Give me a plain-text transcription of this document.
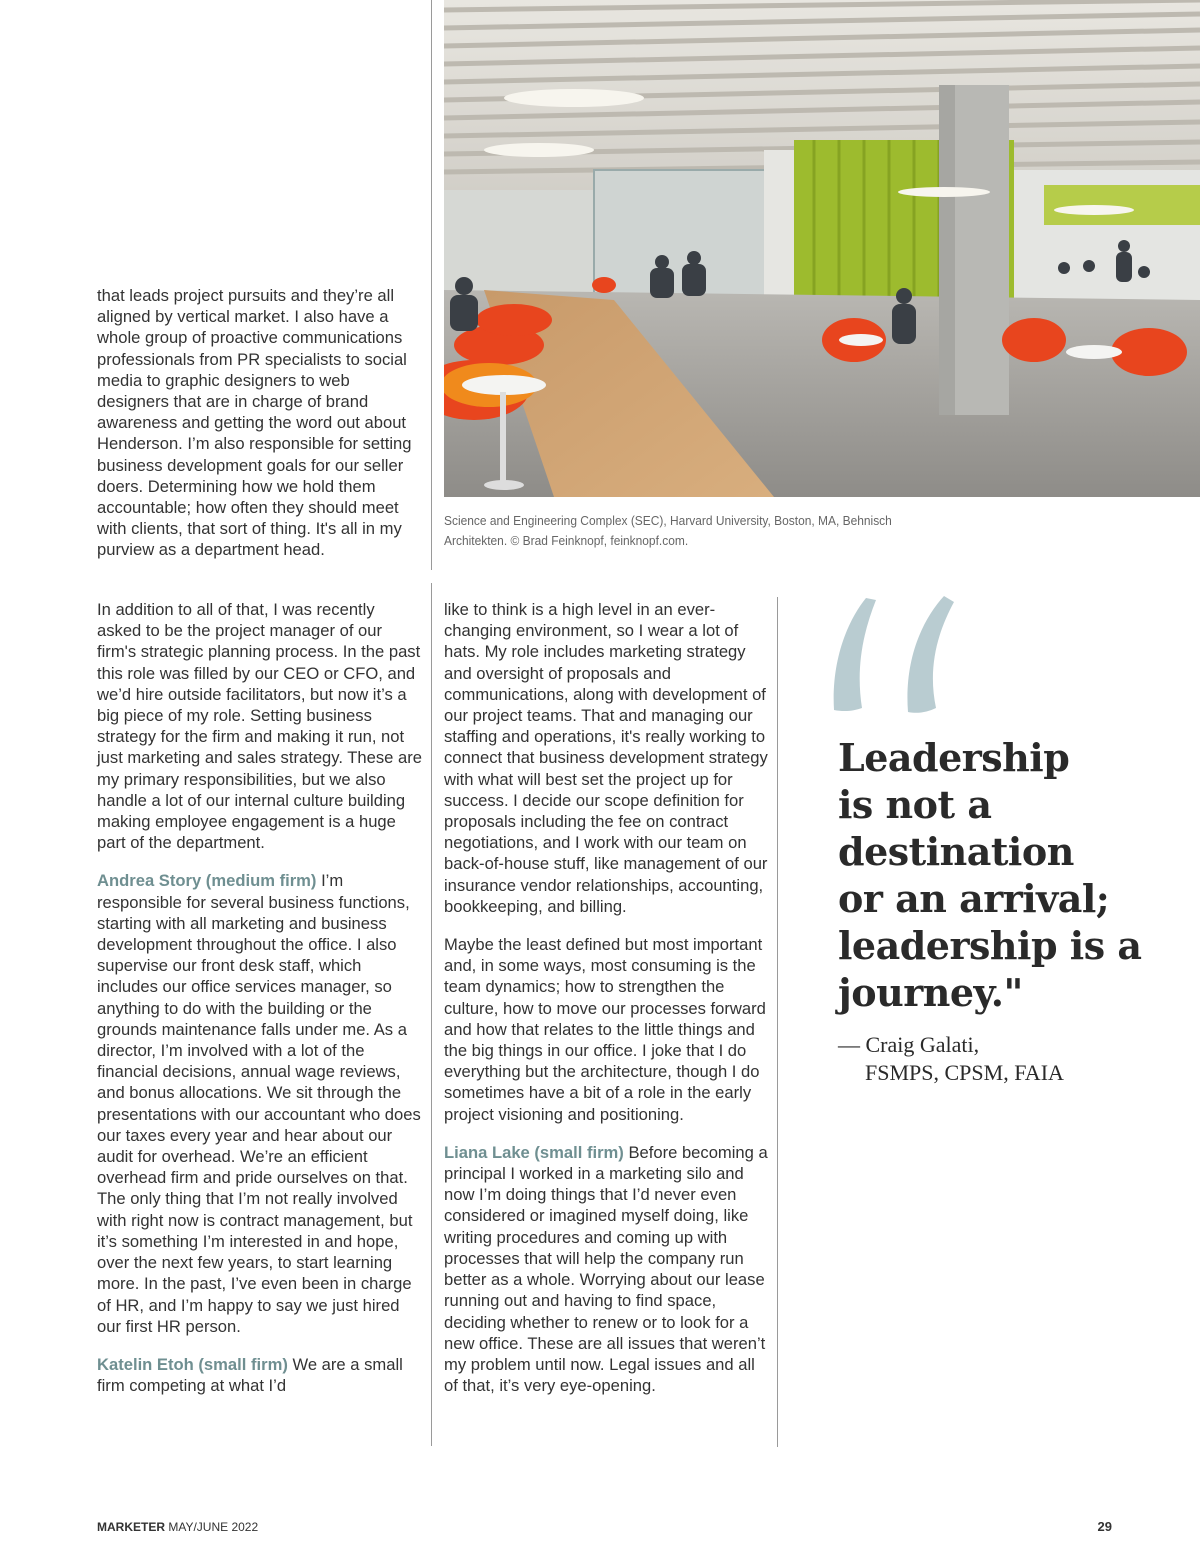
Science and Engineering Complex (SEC), Harvard University, Boston, MA, Behnisch Architekten. © Brad Feinknopf, feinknopf.com.

that leads project pursuits and they’re all aligned by vertical market. I also have a whole group of proactive communications professionals from PR specialists to social media to graphic designers to web designers that are in charge of brand awareness and getting the word out about Henderson. I’m also responsible for setting business development goals for our seller doers. Determining how we hold them accountable; how often they should meet with clients, that sort of thing. It's all in my purview as a department head.

In addition to all of that, I was recently asked to be the project manager of our firm's strategic planning process. In the past this role was filled by our CEO or CFO, and we’d hire outside facilitators, but now it’s a big piece of my role. Setting business strategy for the firm and making it run, not just marketing and sales strategy. These are my primary responsibilities, but we also handle a lot of our internal culture building making employee engagement is a huge part of the department.

Andrea Story (medium firm) I’m responsible for several business functions, starting with all marketing and business development throughout the office. I also supervise our front desk staff, which includes our office services manager, so anything to do with the building or the grounds maintenance falls under me. As a director, I’m involved with a lot of the financial decisions, annual wage reviews, and bonus allocations. We sit through the presentations with our accountant who does our taxes every year and hear about our audit for overhead. We’re an efficient overhead firm and pride ourselves on that. The only thing that I’m not really involved with right now is contract management, but it’s something I’m interested in and hope, over the next few years, to start learning more. In the past, I’ve even been in charge of HR, and I’m happy to say we just hired our first HR person.

Katelin Etoh (small firm) We are a small firm competing at what I’d

like to think is a high level in an ever-changing environment, so I wear a lot of hats. My role includes marketing strategy and oversight of proposals and communications, along with development of our project teams. That and managing our staffing and operations, it's really working to connect that business development strategy with what will best set the project up for success. I decide our scope definition for proposals including the fee on contract negotiations, and I work with our team on back-of-house stuff, like management of our insurance vendor relationships, accounting, bookkeeping, and billing.

Maybe the least defined but most important and, in some ways, most consuming is the team dynamics; how to strengthen the culture, how to move our processes forward and how that relates to the little things and the big things in our office. I joke that I do everything but the architecture, though I do sometimes have a bit of a role in the early project visioning and positioning.

Liana Lake (small firm) Before becoming a principal I worked in a marketing silo and now I’m doing things that I’d never even considered or imagined myself doing, like writing procedures and coming up with processes that will help the company run better as a whole. Worrying about our lease running out and having to find space, deciding whether to renew or to look for a new office. These are all issues that weren’t my problem until now. Legal issues and all of that, it’s very eye-opening.

Leadership
is not a
destination
or an arrival;
leadership is a
journey."
— Craig Galati,
FSMPS, CPSM, FAIA
MARKETER MAY/JUNE 2022	29
